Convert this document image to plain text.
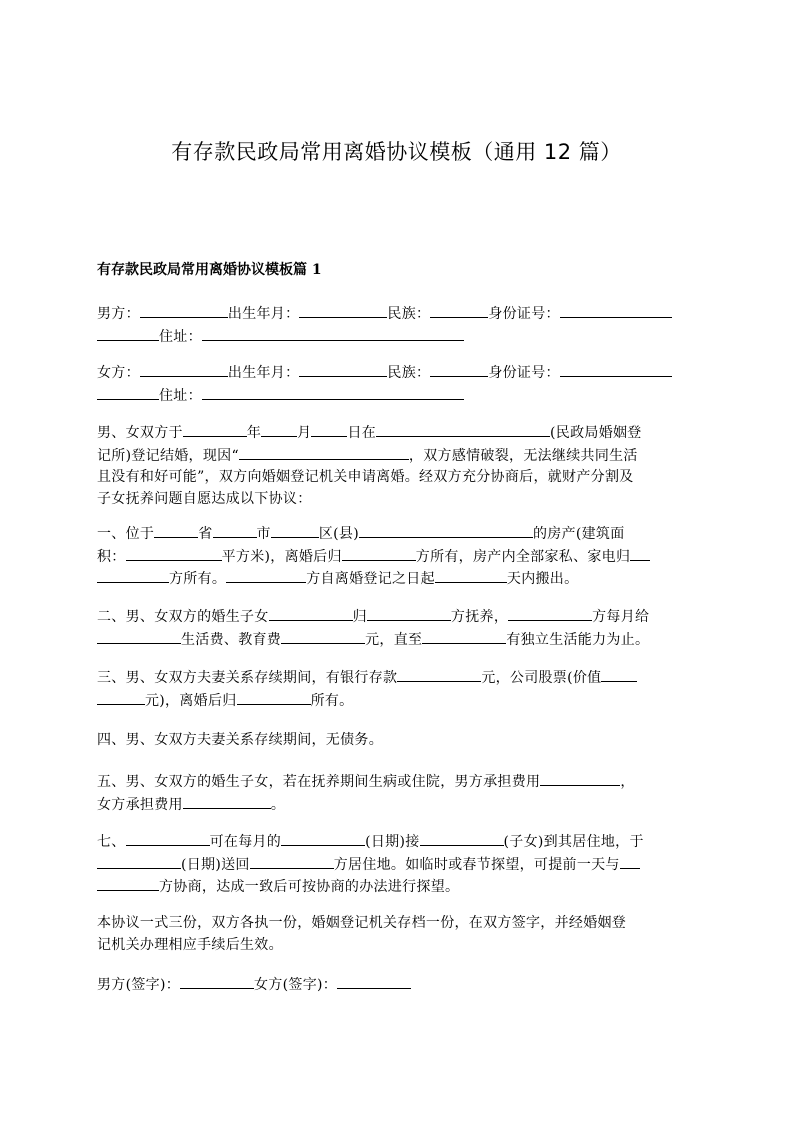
有存款民政局常用离婚协议模板（通用 12 篇）
有存款民政局常用离婚协议模板篇 1
男方：	出生年月：	民族：	身份证号：
住址：
女方：	出生年月：	民族：	身份证号：
住址：
男、女双方于	年	月	日在	(民政局婚姻登
记所)登记结婚，现因“	，双方感情破裂，无法继续共同生活
且没有和好可能”，双方向婚姻登记机关申请离婚。经双方充分协商后，就财产分割及
子女抚养问题自愿达成以下协议：
一、位于	省	市	区(县)	的房产(建筑面
积：	平方米)，离婚后归	方所有，房产内全部家私、家电归
方所有。	方自离婚登记之日起	天内搬出。
二、男、女双方的婚生子女	归	方抚养，	方每月给
生活费、教育费	元，直至	有独立生活能力为止。
三、男、女双方夫妻关系存续期间，有银行存款	元，公司股票(价值
元)，离婚后归	所有。
四、男、女双方夫妻关系存续期间，无债务。
五、男、女双方的婚生子女，若在抚养期间生病或住院，男方承担费用	，
女方承担费用	。
七、	可在每月的	(日期)接	(子女)到其居住地，于
(日期)送回	方居住地。如临时或春节探望，可提前一天与
方协商，达成一致后可按协商的办法进行探望。
本协议一式三份，双方各执一份，婚姻登记机关存档一份，在双方签字，并经婚姻登
记机关办理相应手续后生效。
男方(签字)：	女方(签字)：
